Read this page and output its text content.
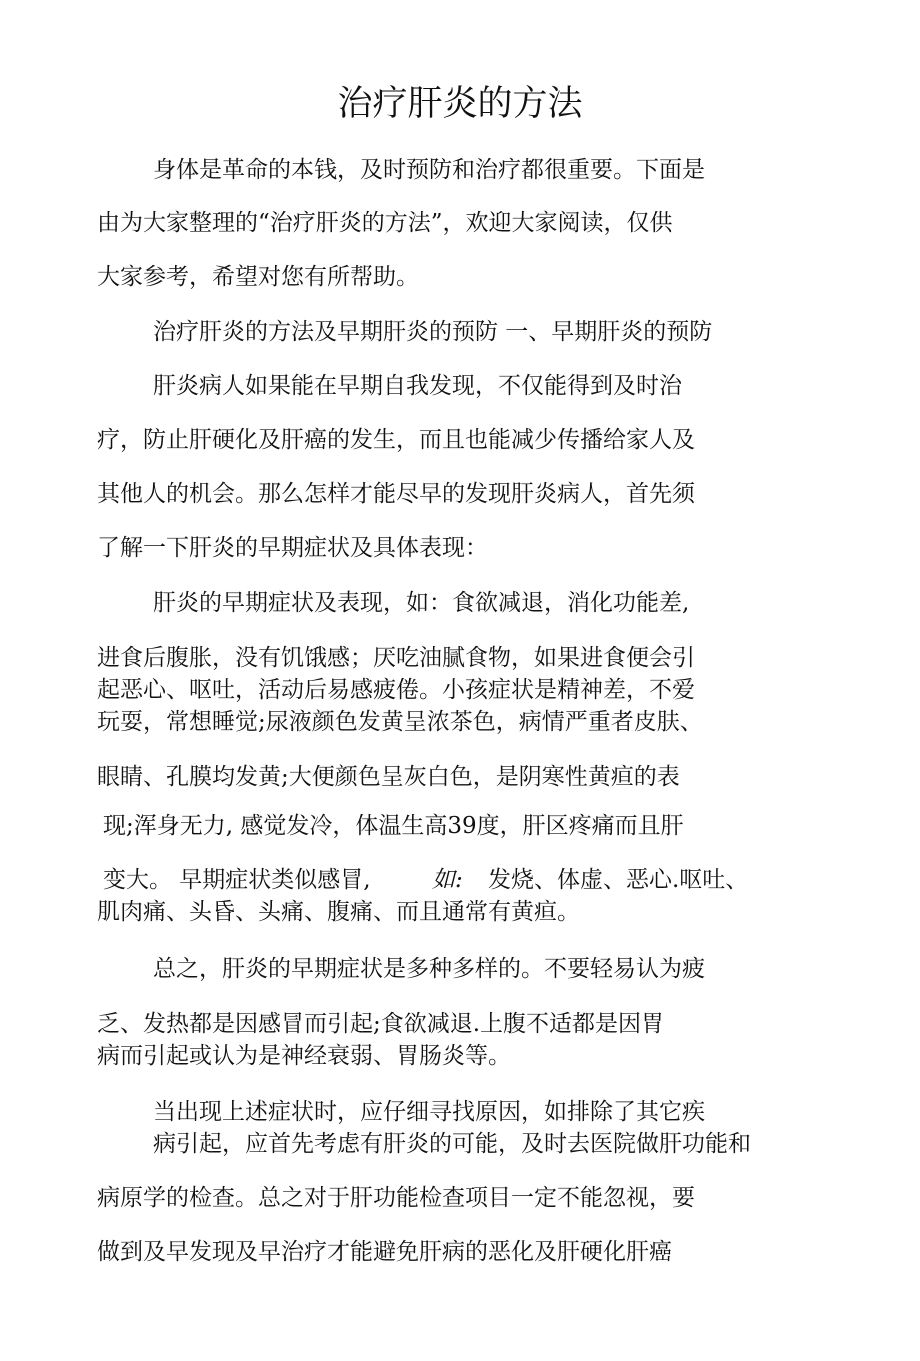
治疗肝炎的方法
身体是革命的本钱，及时预防和治疗都很重要。下面是
由为大家整理的“治疗肝炎的方法”，欢迎大家阅读，仅供
大家参考，希望对您有所帮助。
治疗肝炎的方法及早期肝炎的预防 一、早期肝炎的预防
肝炎病人如果能在早期自我发现，不仅能得到及时治
疗，防止肝硬化及肝癌的发生，而且也能减少传播给家人及
其他人的机会。那么怎样才能尽早的发现肝炎病人，首先须
了解一下肝炎的早期症状及具体表现：
肝炎的早期症状及表现，如：食欲减退，消化功能差,
进食后腹胀，没有饥饿感；厌吃油腻食物，如果进食便会引
起恶心、呕吐，活动后易感疲倦。小孩症状是精神差，不爱
玩耍，常想睡觉;尿液颜色发黄呈浓茶色，病情严重者皮肤、
眼睛、孔膜均发黄;大便颜色呈灰白色，是阴寒性黄疸的表
现;浑身无力, 感觉发冷，体温生高39度，肝区疼痛而且肝
变大。 早期症状类似感冒,	如: 发烧、体虚、恶心.呕吐、
肌肉痛、头昏、头痛、腹痛、而且通常有黄疸。
总之，肝炎的早期症状是多种多样的。不要轻易认为疲
乏、发热都是因感冒而引起;食欲减退.上腹不适都是因胃
病而引起或认为是神经衰弱、胃肠炎等。
当出现上述症状时，应仔细寻找原因，如排除了其它疾
病引起，应首先考虑有肝炎的可能，及时去医院做肝功能和
病原学的检查。总之对于肝功能检查项目一定不能忽视，要
做到及早发现及早治疗才能避免肝病的恶化及肝硬化肝癌
